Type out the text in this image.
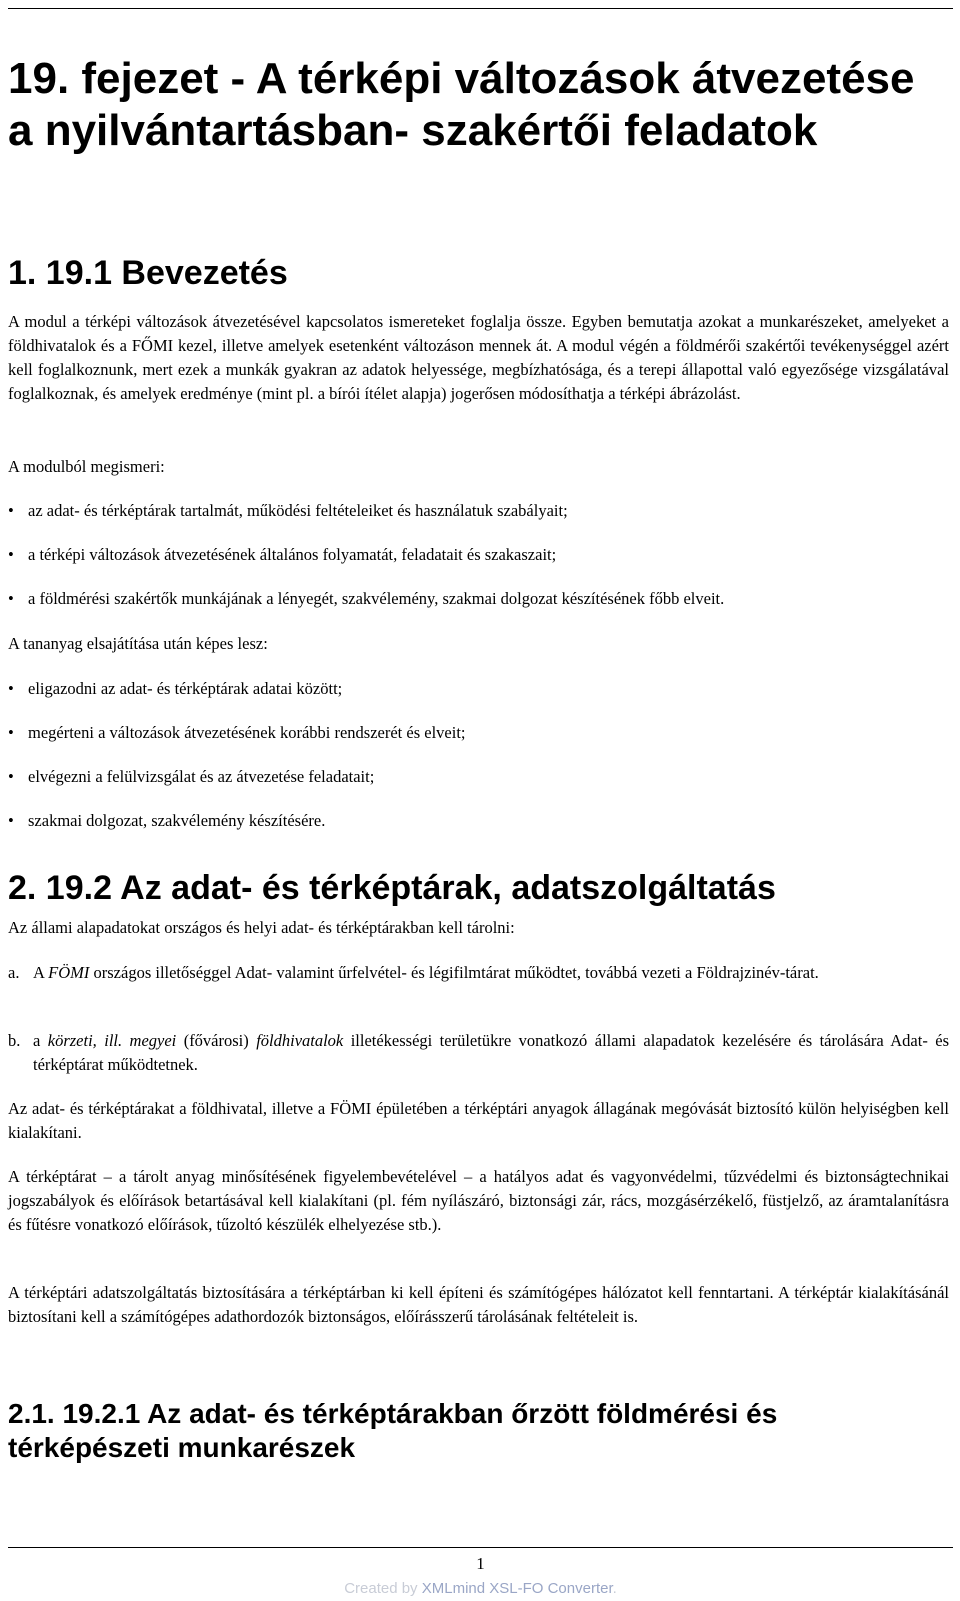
19. fejezet - A térképi változások átvezetése a nyilvántartásban- szakértői feladatok
1. 19.1 Bevezetés

A modul a térképi változások átvezetésével kapcsolatos ismereteket foglalja össze. Egyben bemutatja azokat a munkarészeket, amelyeket a földhivatalok és a FŐMI kezel, illetve amelyek esetenként változáson mennek át. A modul végén a földmérői szakértői tevékenységgel azért kell foglalkoznunk, mert ezek a munkák gyakran az adatok helyessége, megbízhatósága, és a terepi állapottal való egyezősége vizsgálatával foglalkoznak, és amelyek eredménye (mint pl. a bírói ítélet alapja) jogerősen módosíthatja a térképi ábrázolást.

A modulból megismeri:

• az adat- és térképtárak tartalmát, működési feltételeiket és használatuk szabályait;
• a térképi változások átvezetésének általános folyamatát, feladatait és szakaszait;
• a földmérési szakértők munkájának a lényegét, szakvélemény, szakmai dolgozat készítésének főbb elveit.

A tananyag elsajátítása után képes lesz:

• eligazodni az adat- és térképtárak adatai között;
• megérteni a változások átvezetésének korábbi rendszerét és elveit;
• elvégezni a felülvizsgálat és az átvezetése feladatait;
• szakmai dolgozat, szakvélemény készítésére.
2. 19.2 Az adat- és térképtárak, adatszolgáltatás

Az állami alapadatokat országos és helyi adat- és térképtárakban kell tárolni:

a. A FÖMI országos illetőséggel Adat- valamint űrfelvétel- és légifilmtárat működtet, továbbá vezeti a Földrajzinév-tárat.
b. a körzeti, ill. megyei (fővárosi) földhivatalok illetékességi területükre vonatkozó állami alapadatok kezelésére és tárolására Adat- és térképtárat működtetnek.

Az adat- és térképtárakat a földhivatal, illetve a FÖMI épületében a térképtári anyagok állagának megóvását biztosító külön helyiségben kell kialakítani.

A térképtárat – a tárolt anyag minősítésének figyelembevételével – a hatályos adat és vagyonvédelmi, tűzvédelmi és biztonságtechnikai jogszabályok és előírások betartásával kell kialakítani (pl. fém nyílászáró, biztonsági zár, rács, mozgásérzékelő, füstjelző, az áramtalanításra és fűtésre vonatkozó előírások, tűzoltó készülék elhelyezése stb.).

A térképtári adatszolgáltatás biztosítására a térképtárban ki kell építeni és számítógépes hálózatot kell fenntartani. A térképtár kialakításánál biztosítani kell a számítógépes adathordozók biztonságos, előírásszerű tárolásának feltételeit is.

2.1. 19.2.1 Az adat- és térképtárakban őrzött földmérési és térképészeti munkarészek
1
Created by XMLmind XSL-FO Converter.
